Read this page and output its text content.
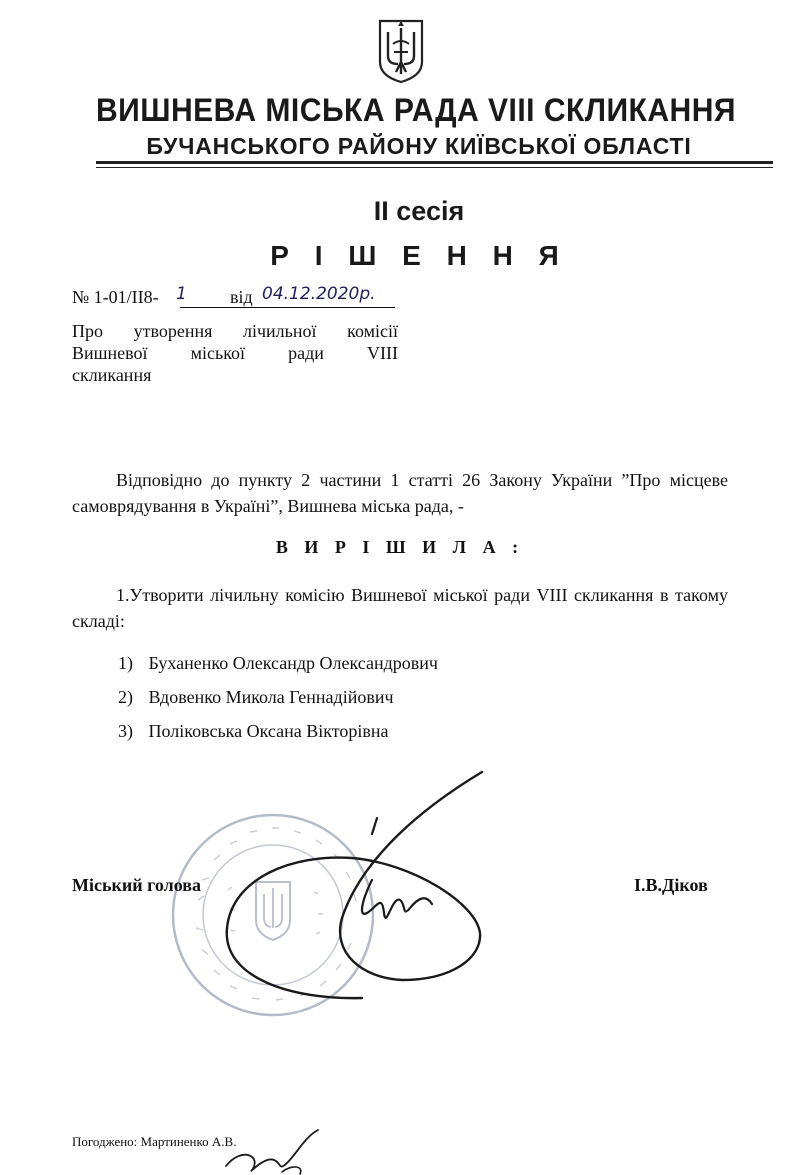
ВИШНЕВА МІСЬКА РАДА VIII СКЛИКАННЯ
БУЧАНСЬКОГО РАЙОНУ КИЇВСЬКОЇ ОБЛАСТІ
II сесія
Р І Ш Е Н Н Я
№ 1-01/ІІ8- 1 від 04.12.2020р.
Про утворення лічильної комісії
Вишневої міської ради VIII скликання
Відповідно до пункту 2 частини 1 статті 26 Закону України ”Про місцеве самоврядування в Україні”, Вишнева міська рада, -
В И Р І Ш И Л А :
1.Утворити лічильну комісію Вишневої міської ради VIII скликання в такому складі:
1) Буханенко Олександр Олександрович
2) Вдовенко Микола Геннадійович
3) Поліковська Оксана Вікторівна
Міський голова	І.В.Діков
Погоджено: Мартиненко А.В.
